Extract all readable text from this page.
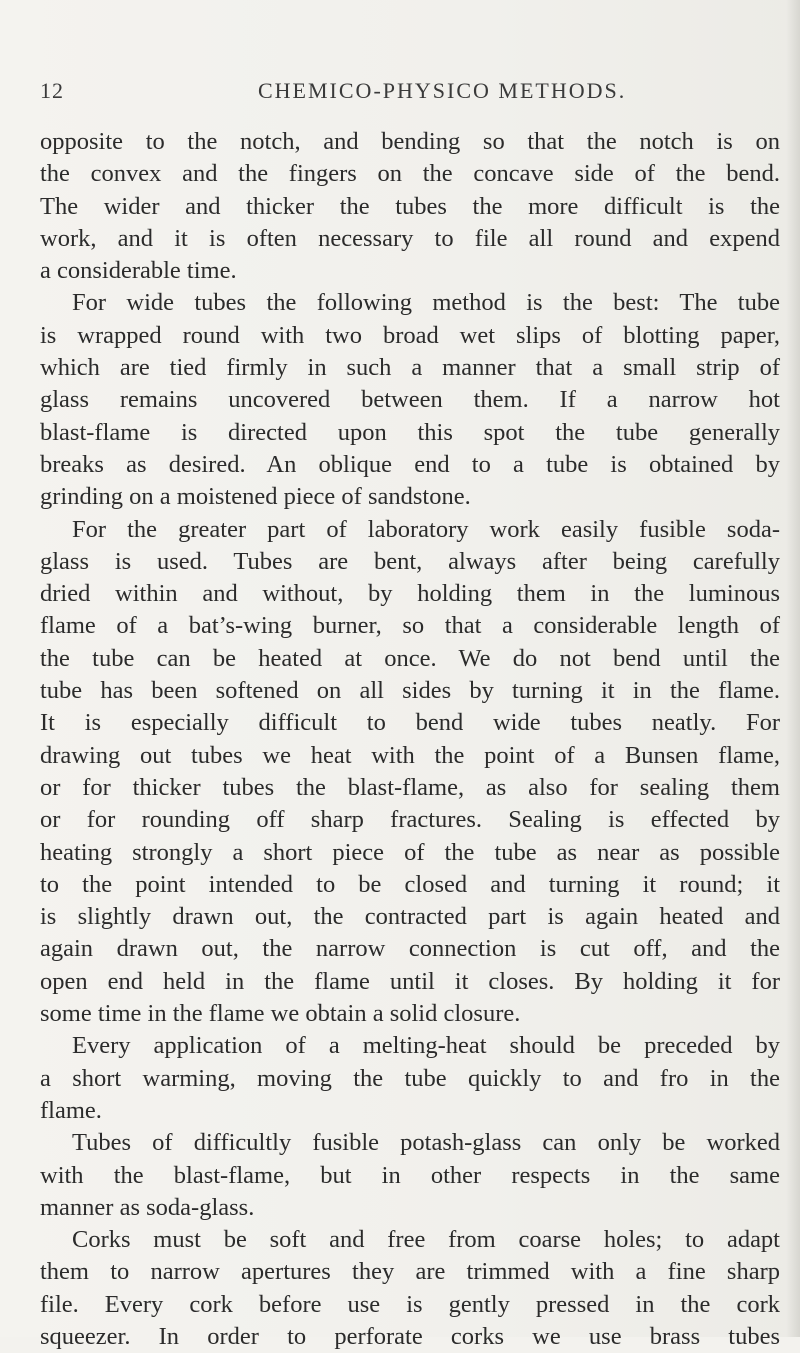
12	CHEMICO-PHYSICO METHODS.
opposite to the notch, and bending so that the notch is on
the convex and the fingers on the concave side of the bend.
The wider and thicker the tubes the more difficult is the
work, and it is often necessary to file all round and expend
a considerable time.
For wide tubes the following method is the best: The tube
is wrapped round with two broad wet slips of blotting paper,
which are tied firmly in such a manner that a small strip of
glass remains uncovered between them. If a narrow hot
blast-flame is directed upon this spot the tube generally
breaks as desired. An oblique end to a tube is obtained by
grinding on a moistened piece of sandstone.
For the greater part of laboratory work easily fusible soda-
glass is used. Tubes are bent, always after being carefully
dried within and without, by holding them in the luminous
flame of a bat’s-wing burner, so that a considerable length of
the tube can be heated at once. We do not bend until the
tube has been softened on all sides by turning it in the flame.
It is especially difficult to bend wide tubes neatly. For
drawing out tubes we heat with the point of a Bunsen flame,
or for thicker tubes the blast-flame, as also for sealing them
or for rounding off sharp fractures. Sealing is effected by
heating strongly a short piece of the tube as near as possible
to the point intended to be closed and turning it round; it
is slightly drawn out, the contracted part is again heated and
again drawn out, the narrow connection is cut off, and the
open end held in the flame until it closes. By holding it for
some time in the flame we obtain a solid closure.
Every application of a melting-heat should be preceded by
a short warming, moving the tube quickly to and fro in the
flame.
Tubes of difficultly fusible potash-glass can only be worked
with the blast-flame, but in other respects in the same
manner as soda-glass.
Corks must be soft and free from coarse holes; to adapt
them to narrow apertures they are trimmed with a fine sharp
file. Every cork before use is gently pressed in the cork
squeezer. In order to perforate corks we use brass tubes
